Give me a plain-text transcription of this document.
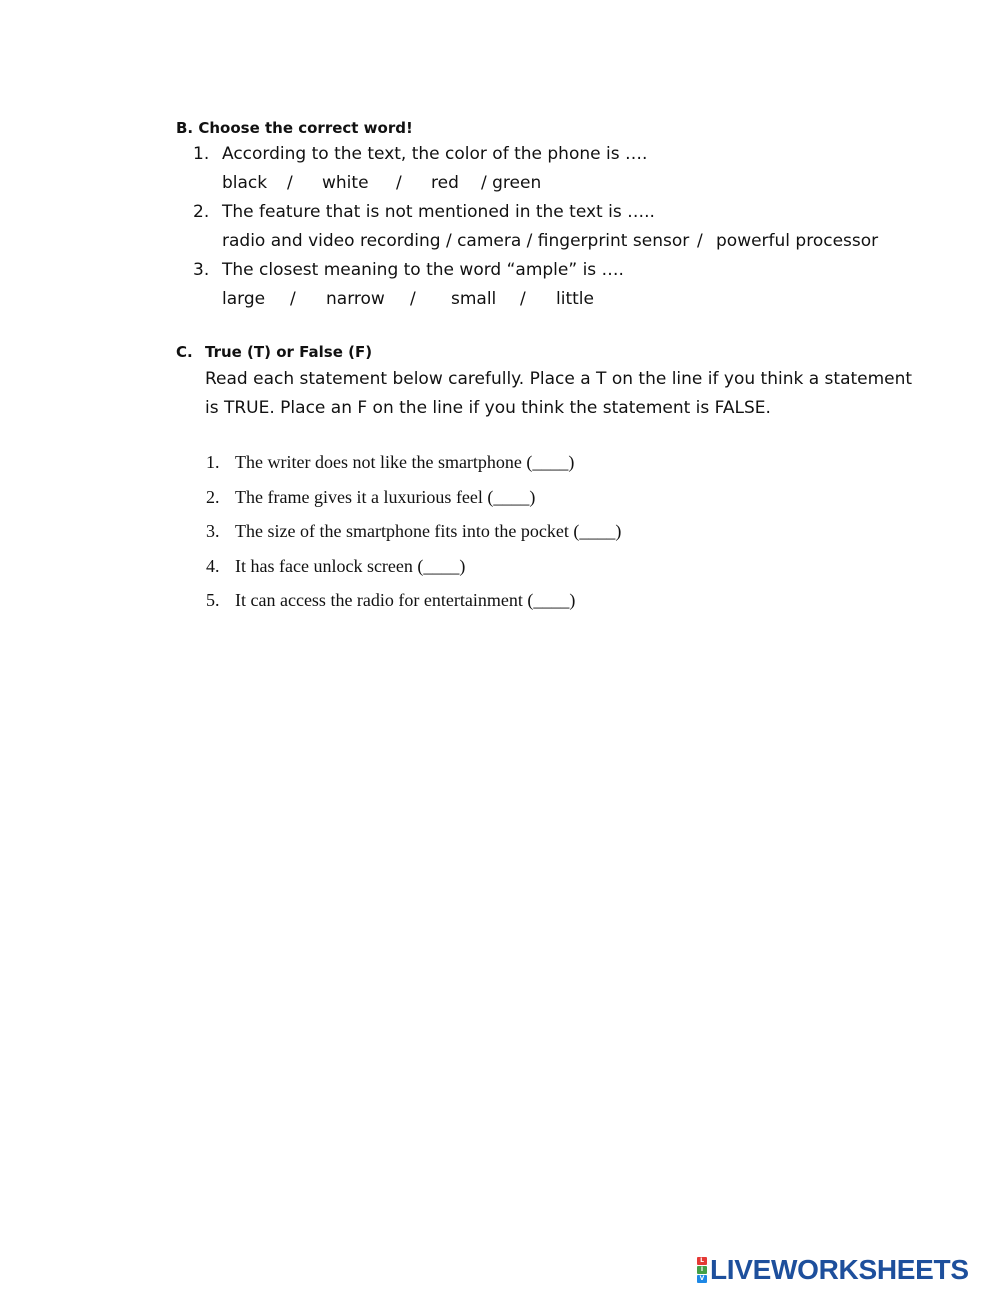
B. Choose the correct word!
1. According to the text, the color of the phone is ….
black / white / red / green
2. The feature that is not mentioned in the text is …..
radio and video recording / camera / fingerprint sensor / powerful processor
3. The closest meaning to the word “ample” is ….
large / narrow / small / little
C. True (T) or False (F)
Read each statement below carefully. Place a T on the line if you think a statement
is TRUE. Place an F on the line if you think the statement is FALSE.
1. The writer does not like the smartphone (____)
2. The frame gives it a luxurious feel (____)
3. The size of the smartphone fits into the pocket (____)
4. It has face unlock screen (____)
5. It can access the radio for entertainment (____)
L
I
V LIVEWORKSHEETS
